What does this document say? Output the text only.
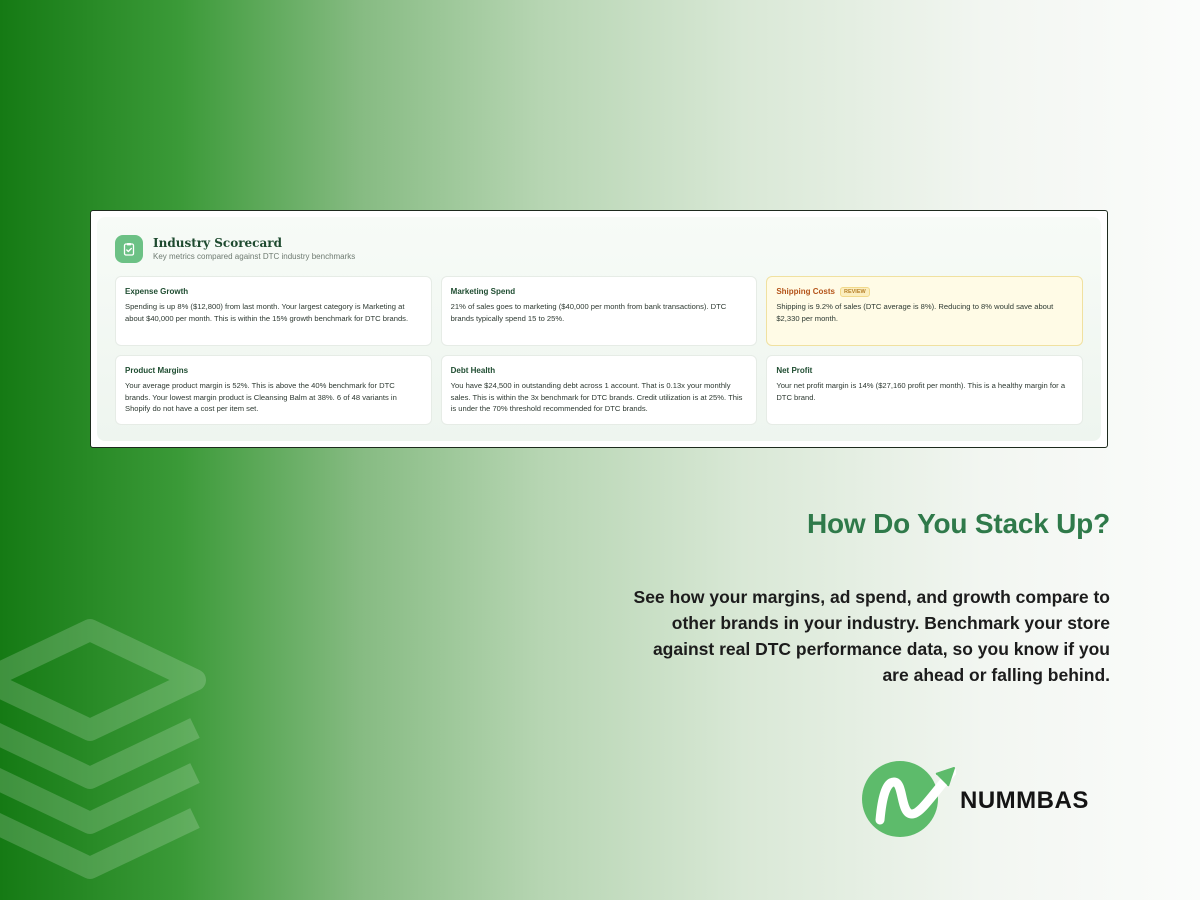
Industry Scorecard
Key metrics compared against DTC industry benchmarks
Expense Growth
Spending is up 8% ($12,800) from last month. Your largest category is Marketing at about $40,000 per month. This is within the 15% growth benchmark for DTC brands.
Marketing Spend
21% of sales goes to marketing ($40,000 per month from bank transactions). DTC brands typically spend 15 to 25%.
Shipping Costs	REVIEW
Shipping is 9.2% of sales (DTC average is 8%). Reducing to 8% would save about $2,330 per month.
Product Margins
Your average product margin is 52%. This is above the 40% benchmark for DTC brands. Your lowest margin product is Cleansing Balm at 38%. 6 of 48 variants in Shopify do not have a cost per item set.
Debt Health
You have $24,500 in outstanding debt across 1 account. That is 0.13x your monthly sales. This is within the 3x benchmark for DTC brands. Credit utilization is at 25%. This is under the 70% threshold recommended for DTC brands.
Net Profit
Your net profit margin is 14% ($27,160 profit per month). This is a healthy margin for a DTC brand.
How Do You Stack Up?
See how your margins, ad spend, and growth compare to other brands in your industry. Benchmark your store against real DTC performance data, so you know if you are ahead or falling behind.
NUMMBAS
